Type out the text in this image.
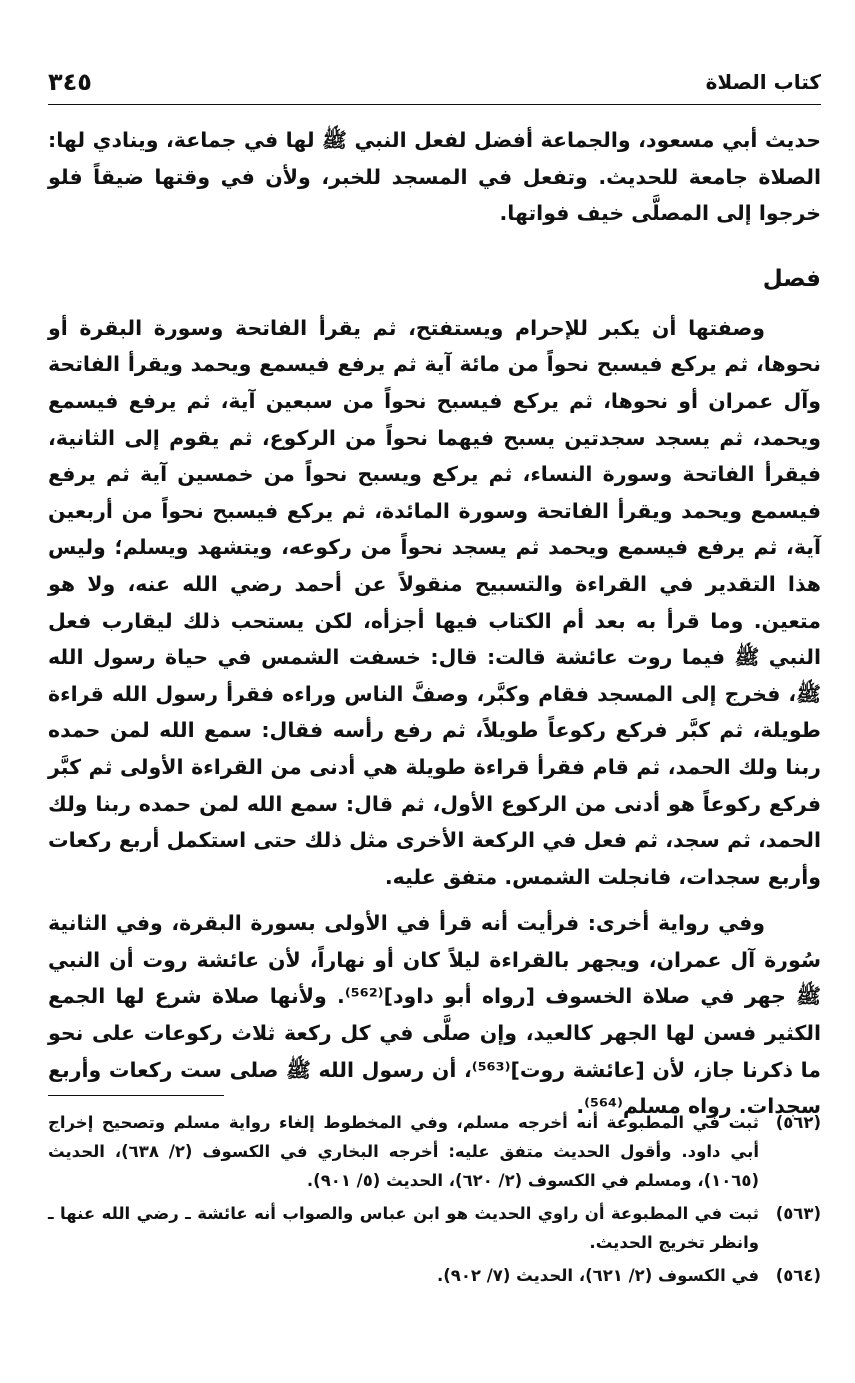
كتاب الصلاة
٣٤٥

حديث أبي مسعود، والجماعة أفضل لفعل النبي ﷺ لها في جماعة، وينادي لها: الصلاة جامعة للحديث. وتفعل في المسجد للخبر، ولأن في وقتها ضيقاً فلو خرجوا إلى المصلَّى خيف فواتها.

فصل

وصفتها أن يكبر للإحرام ويستفتح، ثم يقرأ الفاتحة وسورة البقرة أو نحوها، ثم يركع فيسبح نحواً من مائة آية ثم يرفع فيسمع ويحمد ويقرأ الفاتحة وآل عمران أو نحوها، ثم يركع فيسبح نحواً من سبعين آية، ثم يرفع فيسمع ويحمد، ثم يسجد سجدتين يسبح فيهما نحواً من الركوع، ثم يقوم إلى الثانية، فيقرأ الفاتحة وسورة النساء، ثم يركع ويسبح نحواً من خمسين آية ثم يرفع فيسمع ويحمد ويقرأ الفاتحة وسورة المائدة، ثم يركع فيسبح نحواً من أربعين آية، ثم يرفع فيسمع ويحمد ثم يسجد نحواً من ركوعه، ويتشهد ويسلم؛ وليس هذا التقدير في القراءة والتسبيح منقولاً عن أحمد رضي الله عنه، ولا هو متعين. وما قرأ به بعد أم الكتاب فيها أجزأه، لكن يستحب ذلك ليقارب فعل النبي ﷺ فيما روت عائشة قالت: قال: خسفت الشمس في حياة رسول الله ﷺ، فخرج إلى المسجد فقام وكبَّر، وصفَّ الناس وراءه فقرأ رسول الله قراءة طويلة، ثم كبَّر فركع ركوعاً طويلاً، ثم رفع رأسه فقال: سمع الله لمن حمده ربنا ولك الحمد، ثم قام فقرأ قراءة طويلة هي أدنى من القراءة الأولى ثم كبَّر فركع ركوعاً هو أدنى من الركوع الأول، ثم قال: سمع الله لمن حمده ربنا ولك الحمد، ثم سجد، ثم فعل في الركعة الأخرى مثل ذلك حتى استكمل أربع ركعات وأربع سجدات، فانجلت الشمس. متفق عليه.

وفي رواية أخرى: فرأيت أنه قرأ في الأولى بسورة البقرة، وفي الثانية سُورة آل عمران، ويجهر بالقراءة ليلاً كان أو نهاراً، لأن عائشة روت أن النبي ﷺ جهر في صلاة الخسوف [رواه أبو داود]⁽⁵⁶²⁾. ولأنها صلاة شرع لها الجمع الكثير فسن لها الجهر كالعيد، وإن صلَّى في كل ركعة ثلاث ركوعات على نحو ما ذكرنا جاز، لأن [عائشة روت]⁽⁵⁶³⁾، أن رسول الله ﷺ صلى ست ركعات وأربع سجدات. رواه مسلم⁽⁵⁶⁴⁾.

(٥٦٢)
ثبت في المطبوعة أنه أخرجه مسلم، وفي المخطوط إلغاء رواية مسلم وتصحيح إخراج أبي داود. وأقول الحديث متفق عليه: أخرجه البخاري في الكسوف (٢/ ٦٣٨)، الحديث (١٠٦٥)، ومسلم في الكسوف (٢/ ٦٢٠)، الحديث (٥/ ٩٠١).
(٥٦٣)
ثبت في المطبوعة أن راوي الحديث هو ابن عباس والصواب أنه عائشة ـ رضي الله عنها ـ وانظر تخريج الحديث.
(٥٦٤)
في الكسوف (٢/ ٦٢١)، الحديث (٧/ ٩٠٢).
